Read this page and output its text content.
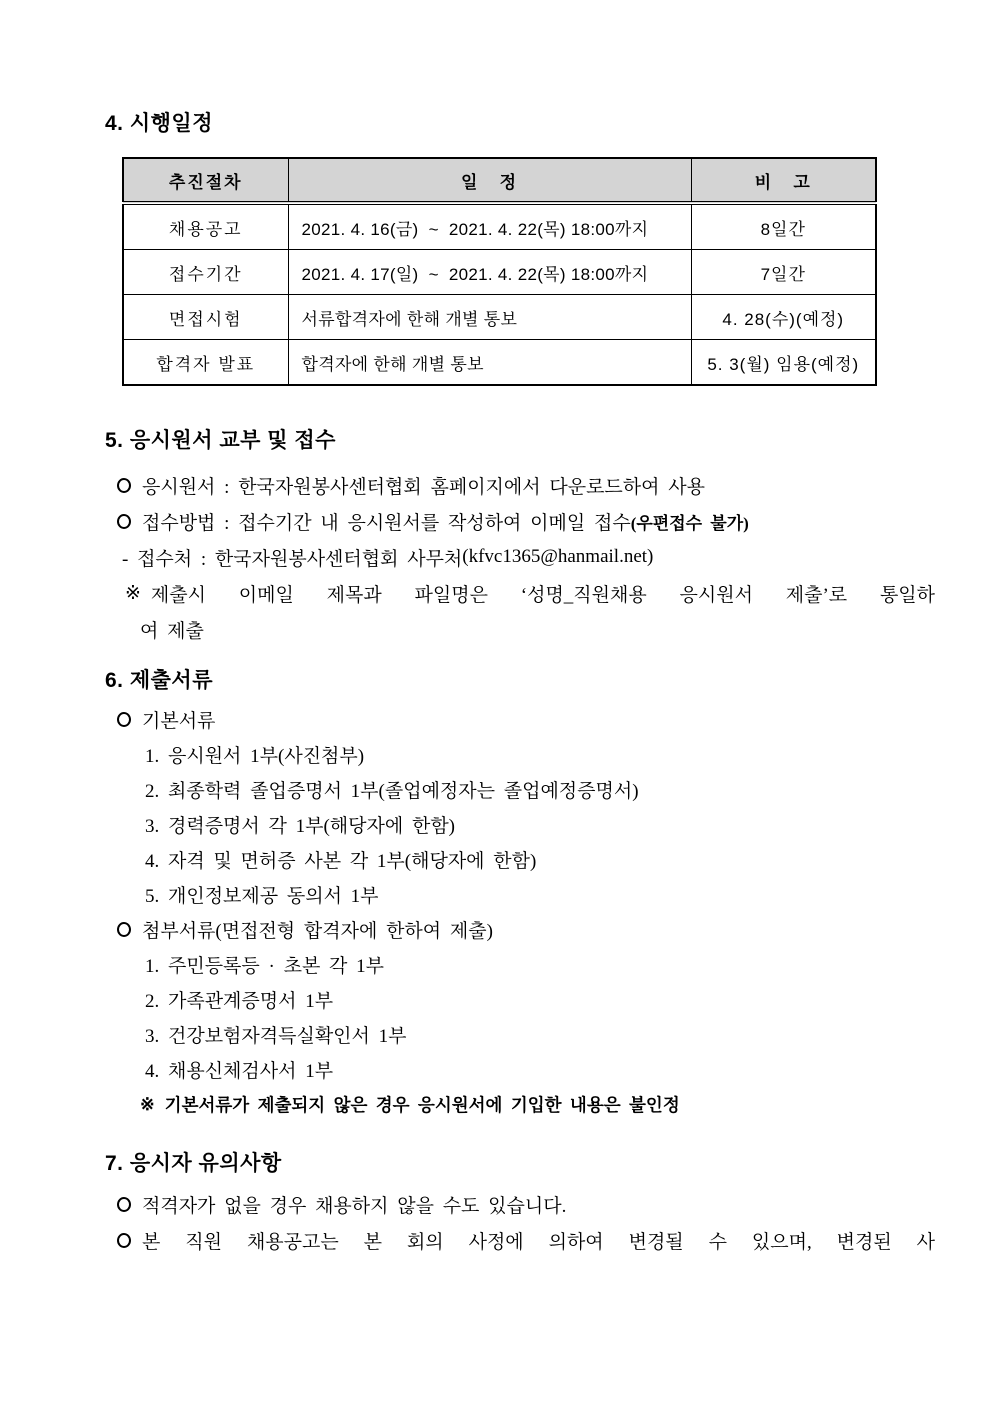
4. 시행일정
추진절차	일   정	비   고
채용공고	2021. 4. 16(금)  ~  2021. 4. 22(목) 18:00까지	8일간
접수기간	2021. 4. 17(일)  ~  2021. 4. 22(목) 18:00까지	7일간
면접시험	서류합격자에 한해 개별 통보	4. 28(수)(예정)
합격자 발표	합격자에 한해 개별 통보	5. 3(월) 임용(예정)
5. 응시원서 교부 및 접수
응시원서 : 한국자원봉사센터협회 홈페이지에서 다운로드하여 사용
접수방법 : 접수기간 내 응시원서를 작성하여 이메일 접수 (우편접수 불가)
- 접수처 : 한국자원봉사센터협회 사무처 (kfvc1365@hanmail.net)
※ 제출시 이메일 제목과 파일명은 ‘성명_직원채용 응시원서 제출’로 통일하
여 제출
6. 제출서류
기본서류
1. 응시원서 1부(사진첨부)
2. 최종학력 졸업증명서 1부(졸업예정자는 졸업예정증명서)
3. 경력증명서 각 1부(해당자에 한함)
4. 자격 및 면허증 사본 각 1부(해당자에 한함)
5. 개인정보제공 동의서 1부
첨부서류(면접전형 합격자에 한하여 제출)
1. 주민등록등 · 초본 각 1부
2. 가족관계증명서 1부
3. 건강보험자격득실확인서 1부
4. 채용신체검사서 1부
※ 기본서류가 제출되지 않은 경우 응시원서에 기입한 내용은 불인정
7. 응시자 유의사항
적격자가 없을 경우 채용하지 않을 수도 있습니다.
본 직원 채용공고는 본 회의 사정에 의하여 변경될 수 있으며, 변경된 사
